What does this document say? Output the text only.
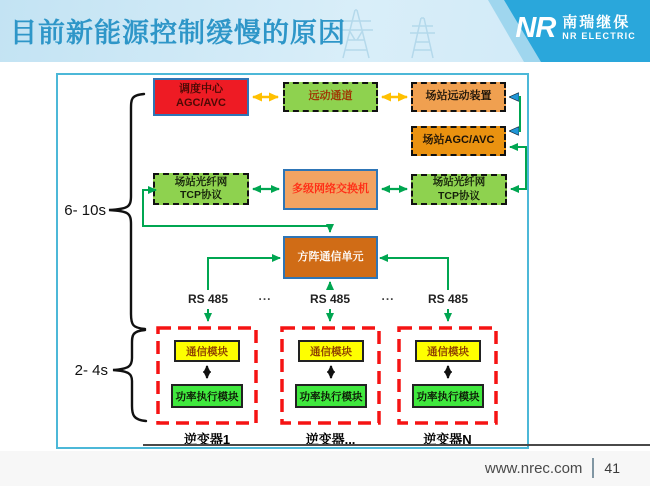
目前新能源控制缓慢的原因	NR 南瑞继保
NR ELECTRIC
调度中心AGC/AVC
远动通道	场站远动装置
场站AGC/AVC
场站光纤网
TCP协议
多级网络交换机
场站光纤网
TCP协议
方阵通信单元
通信模块
功率执行模块
通信模块
功率执行模块
通信模块
功率执行模块
RS 485	RS 485	RS 485
...	...
逆变器1	逆变器...	逆变器N
6- 10s
2- 4s
www.nrec.com 41
